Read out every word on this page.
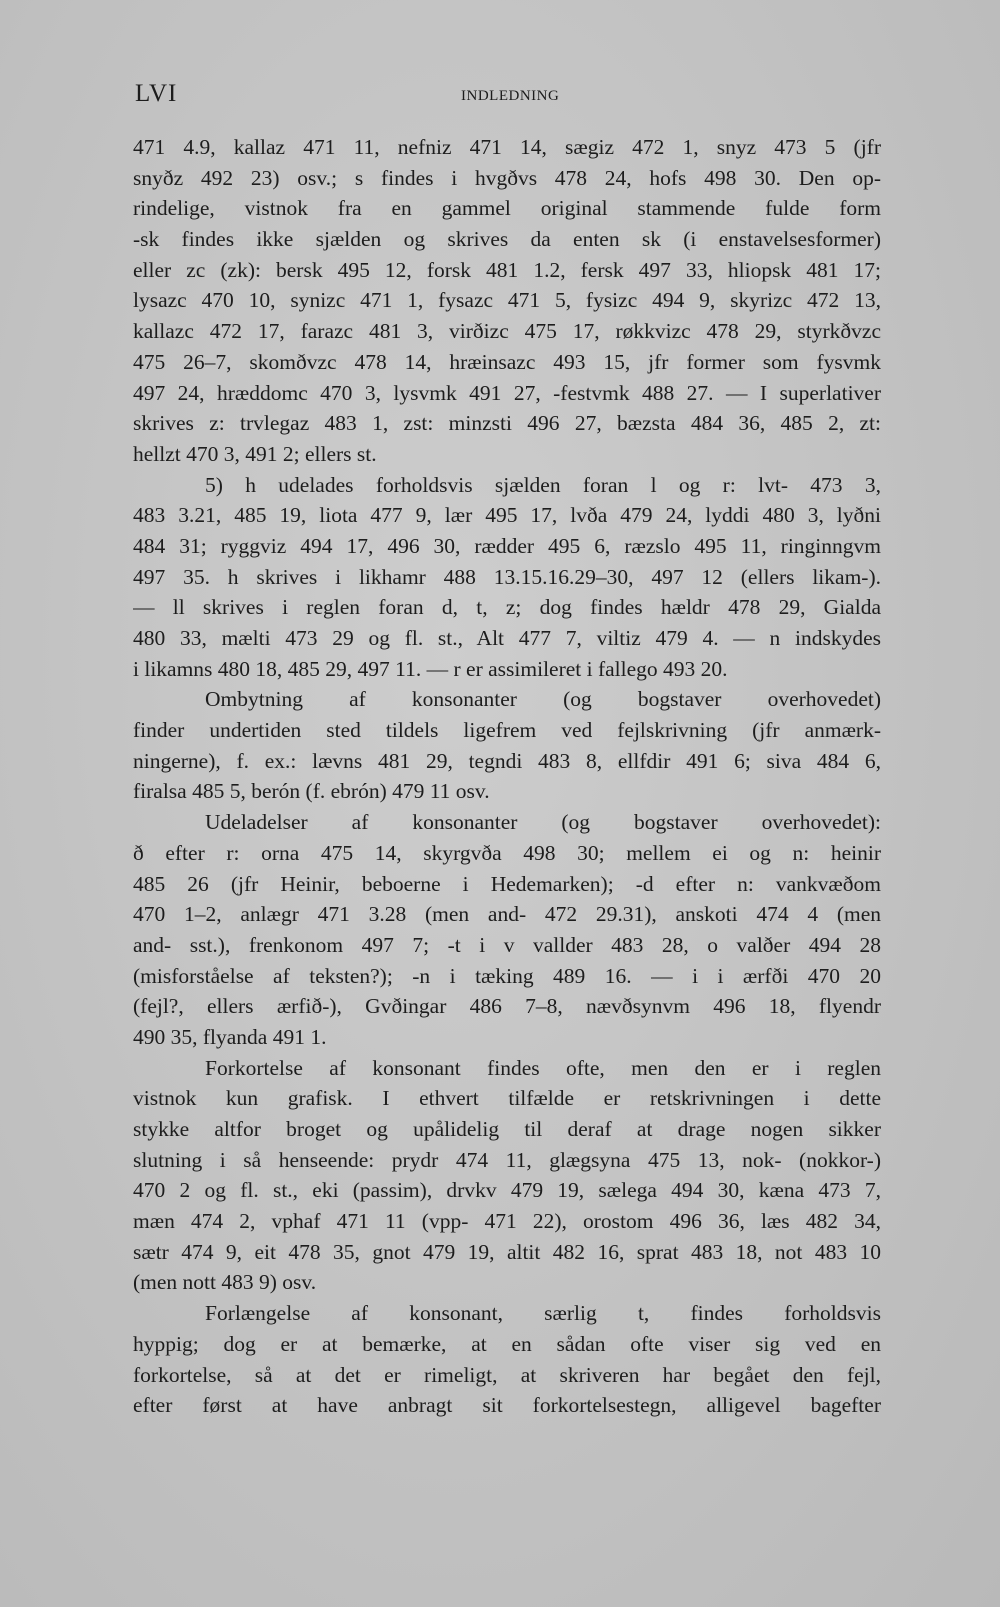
LVI	INDLEDNING
471 4.9, kallaz 471 11, nefniz 471 14, sægiz 472 1, snyz 473 5 (jfr
snyðz 492 23) osv.; s findes i hvgðvs 478 24, hofs 498 30. Den op-
rindelige, vistnok fra en gammel original stammende fulde form
-sk findes ikke sjælden og skrives da enten sk (i enstavelsesformer)
eller zc (zk): bersk 495 12, forsk 481 1.2, fersk 497 33, hliopsk 481 17;
lysazc 470 10, synizc 471 1, fysazc 471 5, fysizc 494 9, skyrizc 472 13,
kallazc 472 17, farazc 481 3, virðizc 475 17, røkkvizc 478 29, styrkðvzc
475 26–7, skomðvzc 478 14, hræinsazc 493 15, jfr former som fysvmk
497 24, hræddomc 470 3, lysvmk 491 27, -festvmk 488 27. — I superlativer
skrives z: trvlegaz 483 1, zst: minzsti 496 27, bæzsta 484 36, 485 2, zt:
hellzt 470 3, 491 2; ellers st.
5) h udelades forholdsvis sjælden foran l og r: lvt- 473 3,
483 3.21, 485 19, liota 477 9, lær 495 17, lvða 479 24, lyddi 480 3, lyðni
484 31; ryggviz 494 17, 496 30, rædder 495 6, ræzslo 495 11, ringinngvm
497 35. h skrives i likhamr 488 13.15.16.29–30, 497 12 (ellers likam-).
— ll skrives i reglen foran d, t, z; dog findes hældr 478 29, Gialda
480 33, mælti 473 29 og fl. st., Alt 477 7, viltiz 479 4. — n indskydes
i likamns 480 18, 485 29, 497 11. — r er assimileret i fallego 493 20.
Ombytning af konsonanter (og bogstaver overhovedet)
finder undertiden sted tildels ligefrem ved fejlskrivning (jfr anmærk-
ningerne), f. ex.: lævns 481 29, tegndi 483 8, ellfdir 491 6; siva 484 6,
firalsa 485 5, berón (f. ebrón) 479 11 osv.
Udeladelser af konsonanter (og bogstaver overhovedet):
ð efter r: orna 475 14, skyrgvða 498 30; mellem ei og n: heinir
485 26 (jfr Heinir, beboerne i Hedemarken); -d efter n: vankvæðom
470 1–2, anlægr 471 3.28 (men and- 472 29.31), anskoti 474 4 (men
and- sst.), frenkonom 497 7; -t i v vallder 483 28, o valðer 494 28
(misforståelse af teksten?); -n i tæking 489 16. — i i ærfði 470 20
(fejl?, ellers ærfið-), Gvðingar 486 7–8, nævðsynvm 496 18, flyendr
490 35, flyanda 491 1.
Forkortelse af konsonant findes ofte, men den er i reglen
vistnok kun grafisk. I ethvert tilfælde er retskrivningen i dette
stykke altfor broget og upålidelig til deraf at drage nogen sikker
slutning i så henseende: prydr 474 11, glægsyna 475 13, nok- (nokkor-)
470 2 og fl. st., eki (passim), drvkv 479 19, sælega 494 30, kæna 473 7,
mæn 474 2, vphaf 471 11 (vpp- 471 22), orostom 496 36, læs 482 34,
sætr 474 9, eit 478 35, gnot 479 19, altit 482 16, sprat 483 18, not 483 10
(men nott 483 9) osv.
Forlængelse af konsonant, særlig t, findes forholdsvis
hyppig; dog er at bemærke, at en sådan ofte viser sig ved en
forkortelse, så at det er rimeligt, at skriveren har begået den fejl,
efter først at have anbragt sit forkortelsestegn, alligevel bagefter
